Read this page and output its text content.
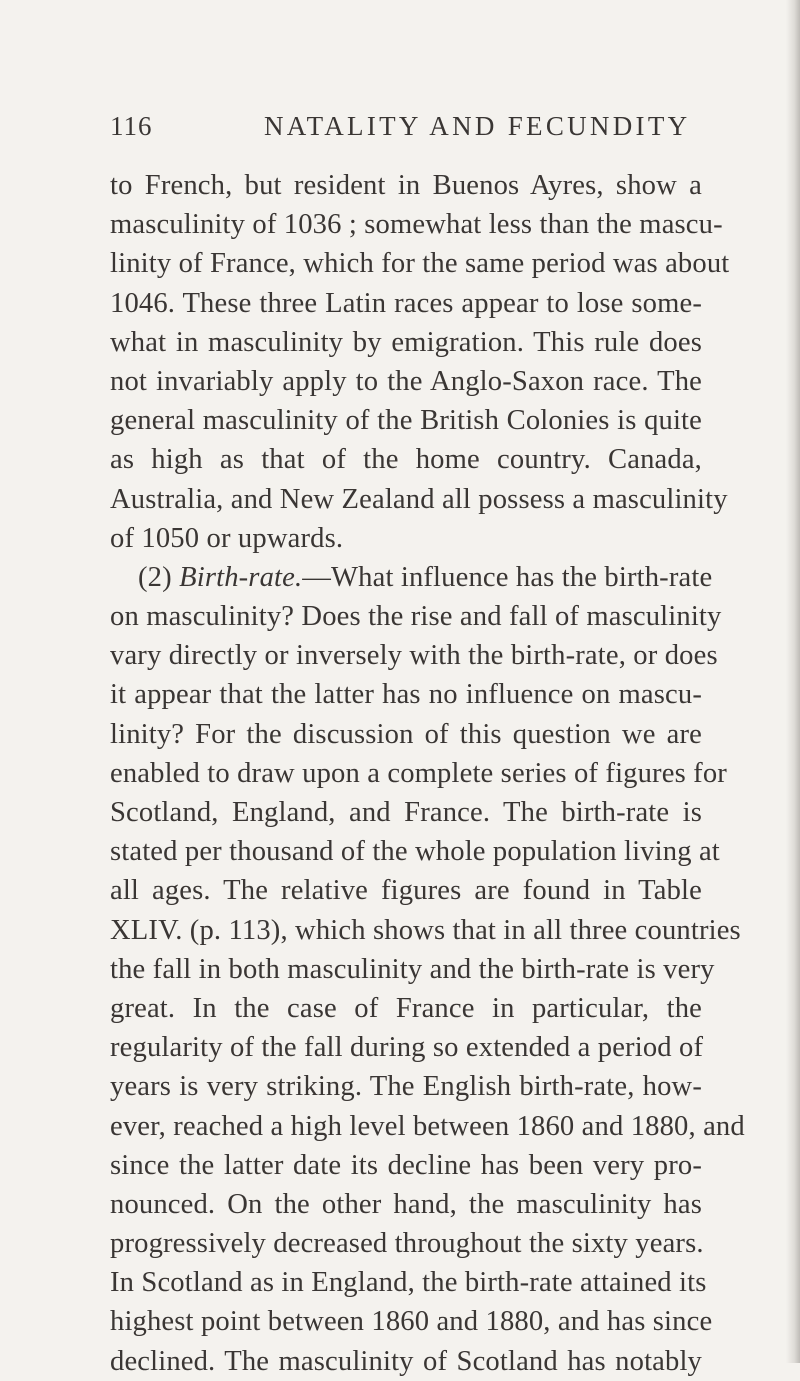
116	NATALITY AND FECUNDITY
to French, but resident in Buenos Ayres, show a
masculinity of 1036 ; somewhat less than the mascu-
linity of France, which for the same period was about
1046. These three Latin races appear to lose some-
what in masculinity by emigration. This rule does
not invariably apply to the Anglo-Saxon race. The
general masculinity of the British Colonies is quite
as high as that of the home country. Canada,
Australia, and New Zealand all possess a masculinity
of 1050 or upwards.
(2) Birth-rate.—What influence has the birth-rate
on masculinity? Does the rise and fall of masculinity
vary directly or inversely with the birth-rate, or does
it appear that the latter has no influence on mascu-
linity? For the discussion of this question we are
enabled to draw upon a complete series of figures for
Scotland, England, and France. The birth-rate is
stated per thousand of the whole population living at
all ages. The relative figures are found in Table
XLIV. (p. 113), which shows that in all three countries
the fall in both masculinity and the birth-rate is very
great. In the case of France in particular, the
regularity of the fall during so extended a period of
years is very striking. The English birth-rate, how-
ever, reached a high level between 1860 and 1880, and
since the latter date its decline has been very pro-
nounced. On the other hand, the masculinity has
progressively decreased throughout the sixty years.
In Scotland as in England, the birth-rate attained its
highest point between 1860 and 1880, and has since
declined. The masculinity of Scotland has notably
